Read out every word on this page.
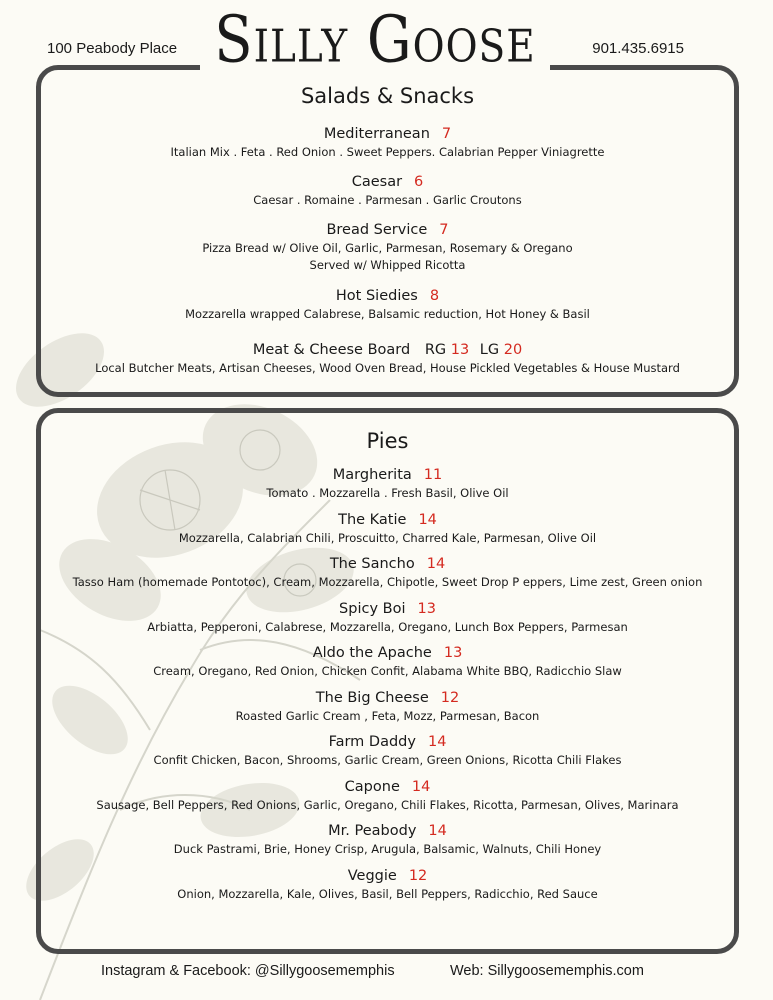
100 Peabody Place Silly Goose	901.435.6915
Salads & Snacks
Mediterranean 7
Italian Mix . Feta . Red Onion . Sweet Peppers. Calabrian Pepper Viniagrette
Caesar 6
Caesar . Romaine . Parmesan . Garlic Croutons
Bread Service 7
Pizza Bread w/ Olive Oil, Garlic, Parmesan, Rosemary & Oregano
Served w/ Whipped Ricotta
Hot Siedies 8
Mozzarella wrapped Calabrese, Balsamic reduction, Hot Honey & Basil
Meat & Cheese Board RG 13 LG 20
Local Butcher Meats, Artisan Cheeses, Wood Oven Bread, House Pickled Vegetables & House Mustard
Pies
Margherita 11
Tomato . Mozzarella . Fresh Basil, Olive Oil
The Katie 14
Mozzarella, Calabrian Chili, Proscuitto, Charred Kale, Parmesan, Olive Oil
The Sancho 14
Tasso Ham (homemade Pontotoc), Cream, Mozzarella, Chipotle, Sweet Drop P eppers, Lime zest, Green onion
Spicy Boi 13
Arbiatta, Pepperoni, Calabrese, Mozzarella, Oregano, Lunch Box Peppers, Parmesan
Aldo the Apache 13
Cream, Oregano, Red Onion, Chicken Confit, Alabama White BBQ, Radicchio Slaw
The Big Cheese 12
Roasted Garlic Cream , Feta, Mozz, Parmesan, Bacon
Farm Daddy 14
Confit Chicken, Bacon, Shrooms, Garlic Cream, Green Onions, Ricotta Chili Flakes
Capone 14
Sausage, Bell Peppers, Red Onions, Garlic, Oregano, Chili Flakes, Ricotta, Parmesan, Olives, Marinara
Mr. Peabody 14
Duck Pastrami, Brie, Honey Crisp, Arugula, Balsamic, Walnuts, Chili Honey
Veggie 12
Onion, Mozzarella, Kale, Olives, Basil, Bell Peppers, Radicchio, Red Sauce
Instagram & Facebook: @Sillygoosememphis	Web: Sillygoosememphis.com
